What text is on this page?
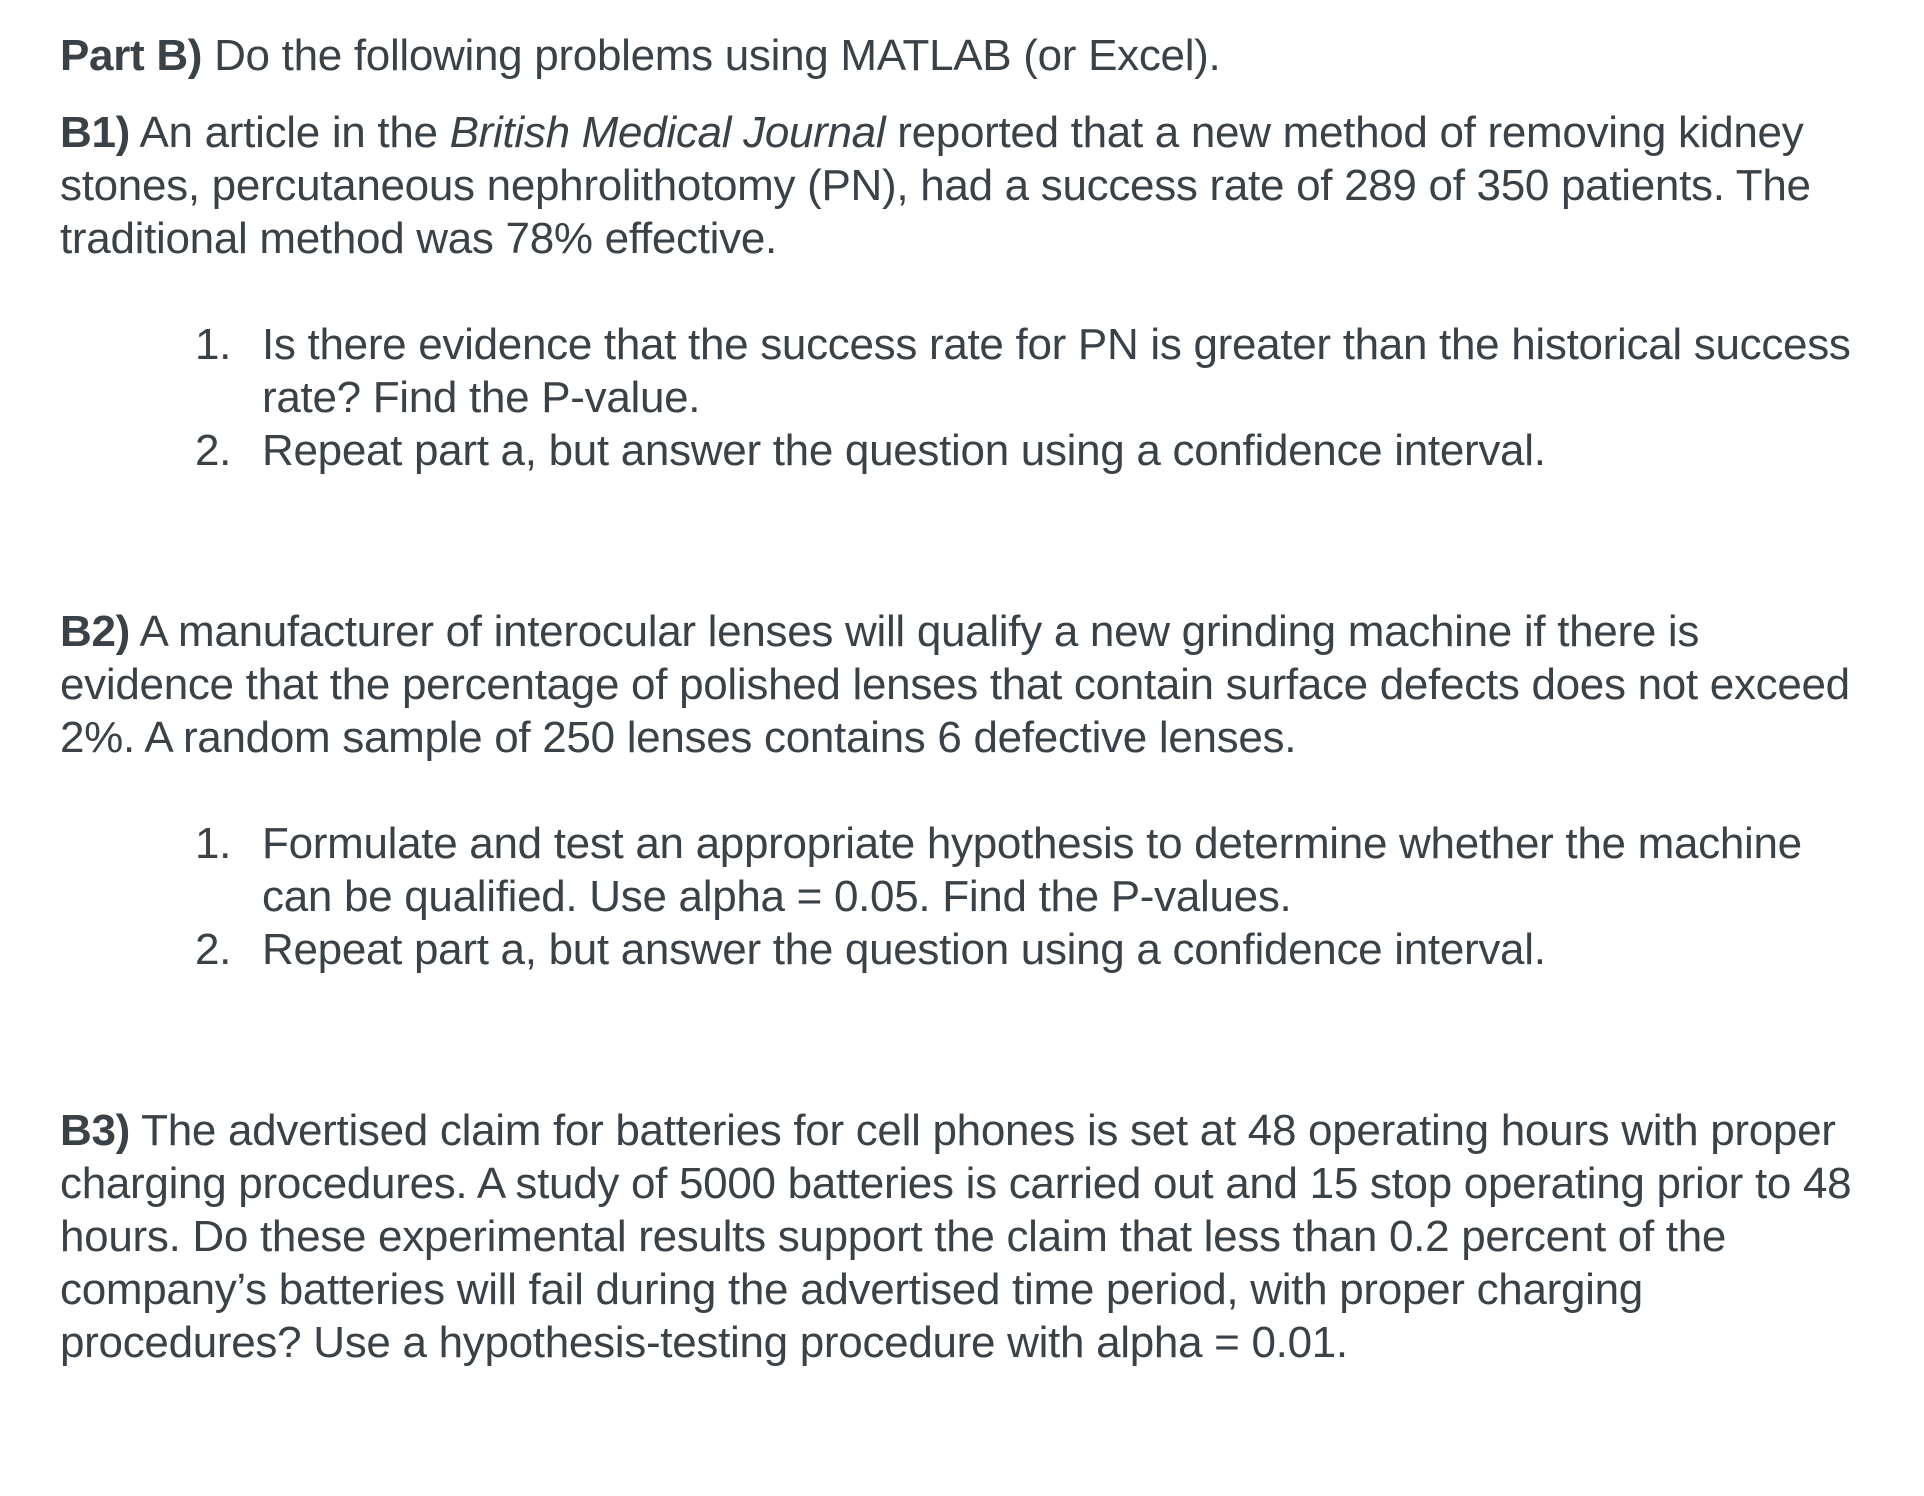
Part B) Do the following problems using MATLAB (or Excel).

B1) An article in the British Medical Journal reported that a new method of removing kidney stones, percutaneous nephrolithotomy (PN), had a success rate of 289 of 350 patients. The traditional method was 78% effective.
1. Is there evidence that the success rate for PN is greater than the historical success rate? Find the P-value.
2. Repeat part a, but answer the question using a confidence interval.
B2) A manufacturer of interocular lenses will qualify a new grinding machine if there is evidence that the percentage of polished lenses that contain surface defects does not exceed 2%. A random sample of 250 lenses contains 6 defective lenses.
1. Formulate and test an appropriate hypothesis to determine whether the machine can be qualified. Use alpha = 0.05. Find the P-values.
2. Repeat part a, but answer the question using a confidence interval.
B3) The advertised claim for batteries for cell phones is set at 48 operating hours with proper charging procedures. A study of 5000 batteries is carried out and 15 stop operating prior to 48 hours. Do these experimental results support the claim that less than 0.2 percent of the company’s batteries will fail during the advertised time period, with proper charging procedures? Use a hypothesis-testing procedure with alpha = 0.01.
